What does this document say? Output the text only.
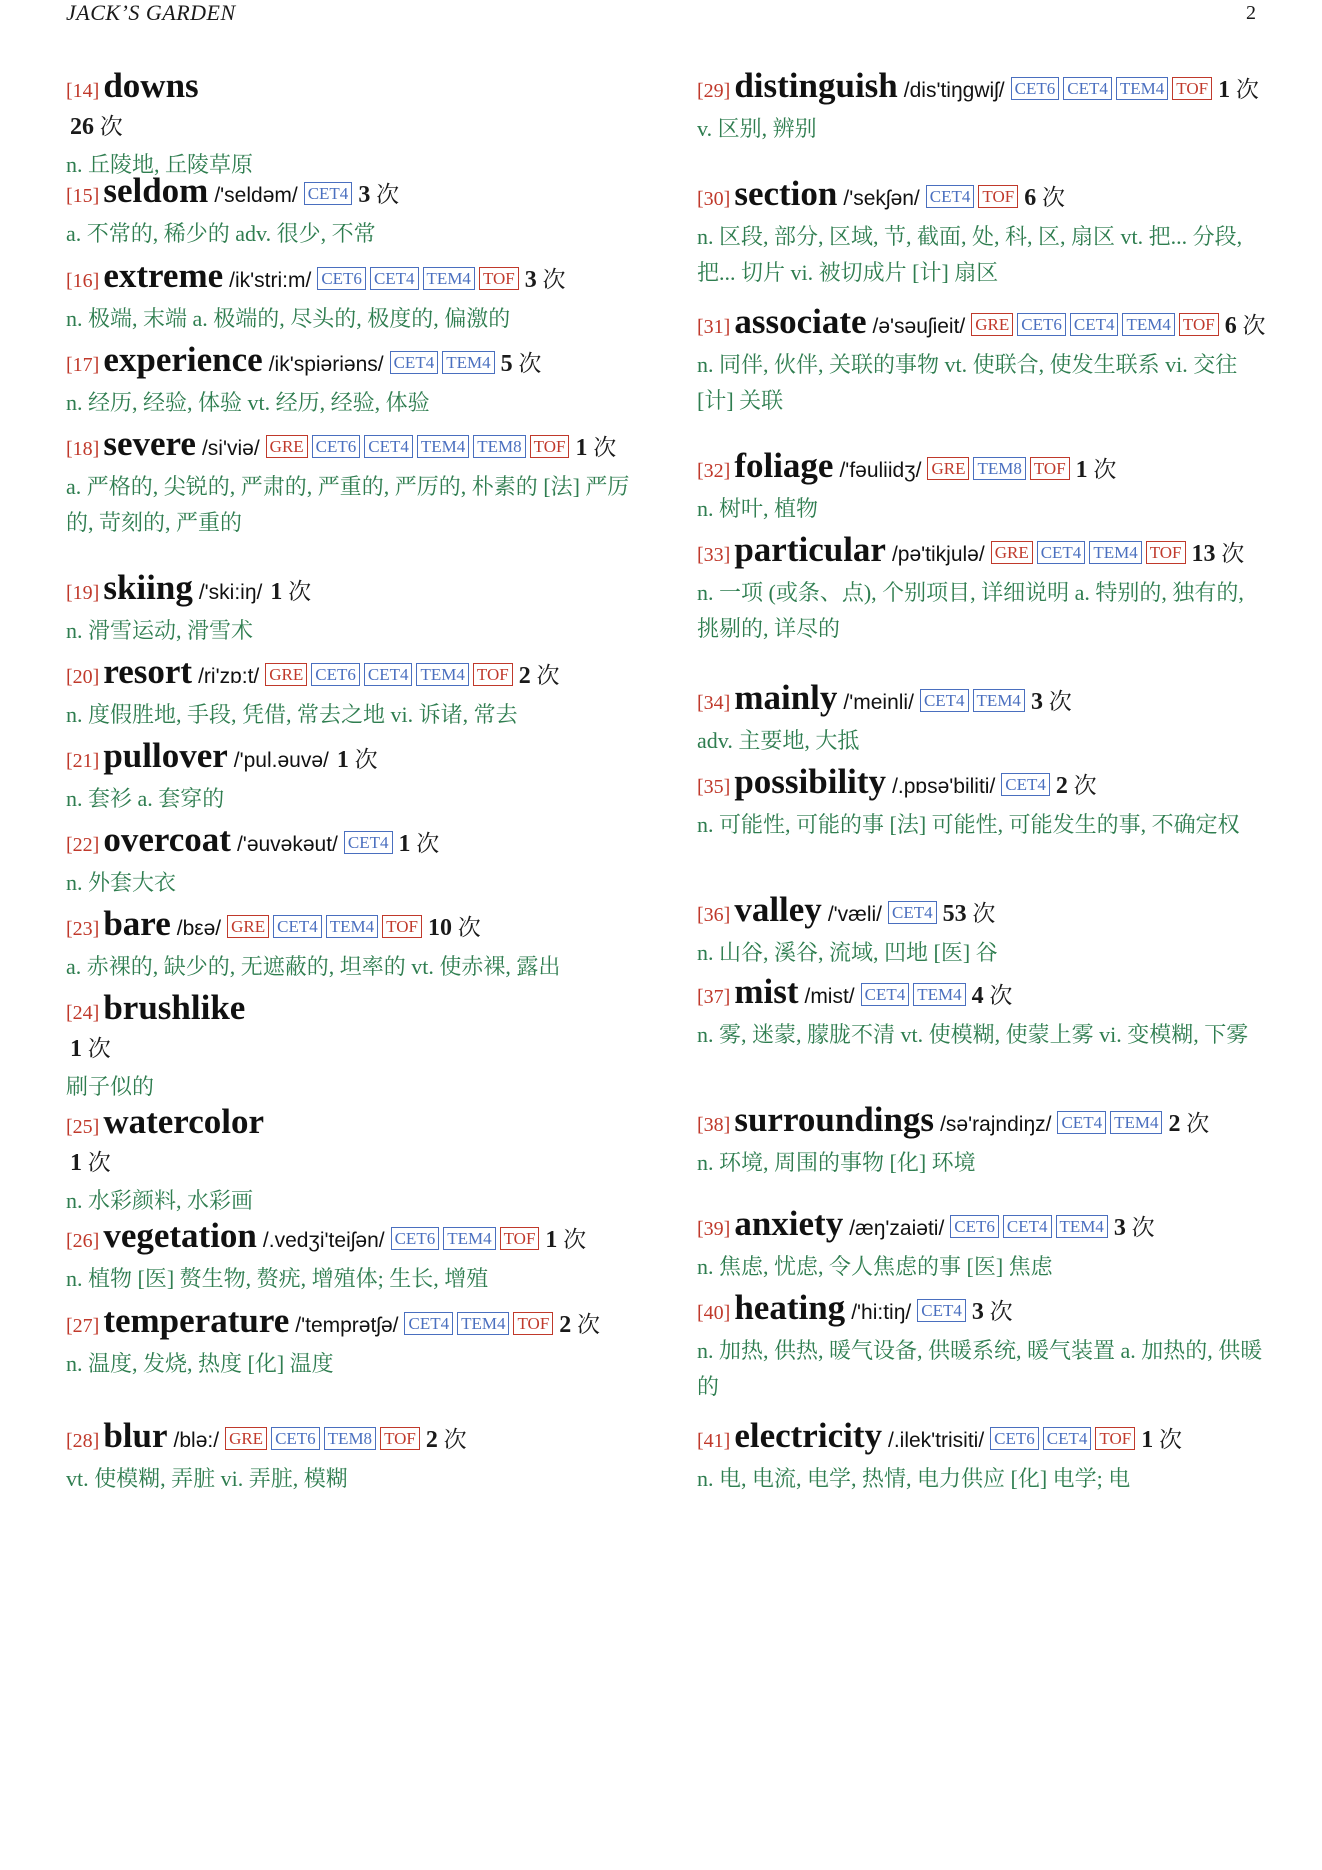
JACK’S GARDEN	2
[14] downs
26 次
n. 丘陵地, 丘陵草原
[15] seldom /'seldəm/ CET4 3 次
a. 不常的, 稀少的 adv. 很少, 不常
[16] extreme /ik'stri:m/ CET6 CET4 TEM4 TOF 3 次
n. 极端, 末端 a. 极端的, 尽头的, 极度的, 偏激的
[17] experience /ik'spiəriəns/ CET4 TEM4 5 次
n. 经历, 经验, 体验 vt. 经历, 经验, 体验
[18] severe /si'viə/ GRE CET6 CET4 TEM4 TEM8 TOF 1 次
a. 严格的, 尖锐的, 严肃的, 严重的, 严厉的, 朴素的 [法] 严厉的, 苛刻的, 严重的
[19] skiing /'ski:iŋ/ 1 次
n. 滑雪运动, 滑雪术
[20] resort /ri'zɒ:t/ GRE CET6 CET4 TEM4 TOF 2 次
n. 度假胜地, 手段, 凭借, 常去之地 vi. 诉诸, 常去
[21] pullover /'pul.əuvə/ 1 次
n. 套衫 a. 套穿的
[22] overcoat /'əuvəkəut/ CET4 1 次
n. 外套大衣
[23] bare /bεə/ GRE CET4 TEM4 TOF 10 次
a. 赤裸的, 缺少的, 无遮蔽的, 坦率的 vt. 使赤裸, 露出
[24] brushlike
1 次
刷子似的
[25] watercolor
1 次
n. 水彩颜料, 水彩画
[26] vegetation /.vedʒi'teiʃən/ CET6 TEM4 TOF 1 次
n. 植物 [医] 赘生物, 赘疣, 增殖体; 生长, 增殖
[27] temperature /'temprətʃə/ CET4 TEM4 TOF 2 次
n. 温度, 发烧, 热度 [化] 温度
[28] blur /blə:/ GRE CET6 TEM8 TOF 2 次
vt. 使模糊, 弄脏 vi. 弄脏, 模糊
[29] distinguish /dis'tiŋgwiʃ/ CET6 CET4 TEM4 TOF 1 次
v. 区别, 辨别
[30] section /'sekʃən/ CET4 TOF 6 次
n. 区段, 部分, 区域, 节, 截面, 处, 科, 区, 扇区 vt. 把... 分段, 把... 切片 vi. 被切成片 [计] 扇区
[31] associate /ə'səuʃieit/ GRE CET6 CET4 TEM4 TOF 6 次
n. 同伴, 伙伴, 关联的事物 vt. 使联合, 使发生联系 vi. 交往 [计] 关联
[32] foliage /'fəuliidʒ/ GRE TEM8 TOF 1 次
n. 树叶, 植物
[33] particular /pə'tikjulə/ GRE CET4 TEM4 TOF 13 次
n. 一项 (或条、点), 个别项目, 详细说明 a. 特别的, 独有的, 挑剔的, 详尽的
[34] mainly /'meinli/ CET4 TEM4 3 次
adv. 主要地, 大抵
[35] possibility /.pɒsə'biliti/ CET4 2 次
n. 可能性, 可能的事 [法] 可能性, 可能发生的事, 不确定权
[36] valley /'væli/ CET4 53 次
n. 山谷, 溪谷, 流域, 凹地 [医] 谷
[37] mist /mist/ CET4 TEM4 4 次
n. 雾, 迷蒙, 朦胧不清 vt. 使模糊, 使蒙上雾 vi. 变模糊, 下雾
[38] surroundings /sə'rajndiŋz/ CET4 TEM4 2 次
n. 环境, 周围的事物 [化] 环境
[39] anxiety /æŋ'zaiəti/ CET6 CET4 TEM4 3 次
n. 焦虑, 忧虑, 令人焦虑的事 [医] 焦虑
[40] heating /'hi:tiŋ/ CET4 3 次
n. 加热, 供热, 暖气设备, 供暖系统, 暖气装置 a. 加热的, 供暖的
[41] electricity /.ilek'trisiti/ CET6 CET4 TOF 1 次
n. 电, 电流, 电学, 热情, 电力供应 [化] 电学; 电
